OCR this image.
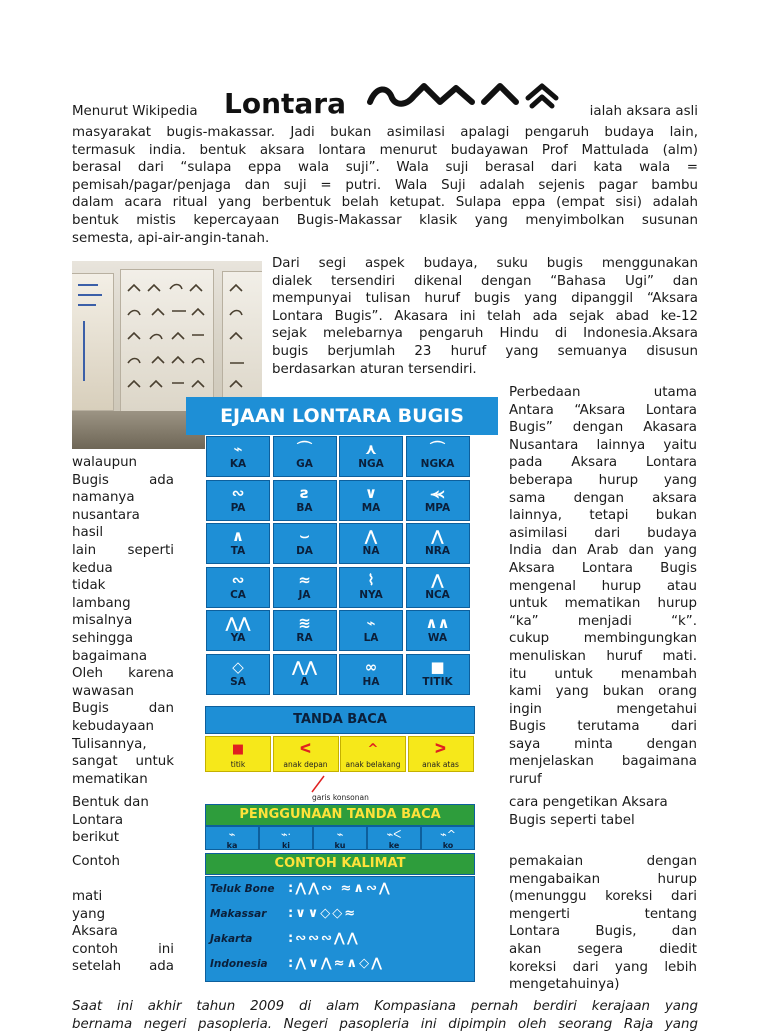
Menurut Wikipedia Lontara	ialah aksara asli
masyarakat bugis-makassar. Jadi bukan asimilasi apalagi pengaruh budaya lain,
termasuk india. bentuk aksara lontara menurut budayawan Prof Mattulada (alm)
berasal dari “sulapa eppa wala suji”. Wala suji berasal dari kata wala =
pemisah/pagar/penjaga dan suji = putri. Wala Suji adalah sejenis pagar bambu
dalam acara ritual yang berbentuk belah ketupat. Sulapa eppa (empat sisi) adalah
bentuk mistis kepercayaan Bugis-Makassar klasik yang menyimbolkan susunan
semesta, api-air-angin-tanah.
Dari segi aspek budaya, suku bugis menggunakan
dialek tersendiri dikenal dengan “Bahasa Ugi” dan
mempunyai tulisan huruf bugis yang dipanggil “Aksara
Lontara Bugis”. Akasara ini telah ada sejak abad ke-12
sejak melebarnya pengaruh Hindu di Indonesia.Aksara
bugis berjumlah 23 huruf yang semuanya disusun
berdasarkan aturan tersendiri.
Perbedaan utama
Antara “Aksara Lontara
Bugis” dengan Akasara
Nusantara lainnya yaitu
pada Aksara Lontara
beberapa hurup yang
sama dengan aksara
lainnya, tetapi bukan
asimilasi dari budaya
India dan Arab dan yang
Aksara Lontara Bugis
mengenal hurup atau
untuk mematikan hurup
“ka” menjadi “k”.
cukup membingungkan
menuliskan huruf mati.
itu untuk menambah
kami yang bukan orang
ingin mengetahui
Bugis terutama dari
saya minta dengan
menjelaskan bagaimana
ruruf
cara pengetikan Aksara
Bugis seperti tabel
pemakaian dengan
mengabaikan hurup
(menunggu koreksi dari
mengerti tentang
Lontara Bugis, dan
akan segera diedit
koreksi dari yang lebih
mengetahuinya)
walaupun
Bugis ada
namanya
nusantara
hasil
lain seperti
kedua
tidak
lambang
misalnya
sehingga
bagaimana
Oleh karena
wawasan
Bugis dan
kebudayaan
Tulisannya,
sangat untuk
mematikan
Bentuk dan
Lontara
berikut
Contoh
mati
yang
Aksara
contoh ini
setelah ada
EJAAN LONTARA BUGIS
⌁
KA
⌒
GA
⋏
NGA
⌒
NGKA
∾
PA
ƨ
BA
∨
MA
⪻
MPA
∧
TA
⌣
DA
⋀
NA
⋀
NRA
∾
CA
≈
JA
⌇
NYA
⋀
NCA
⋀⋀
YA
≋
RA
⌁
LA
∧∧
WA
◇
SA
⋀⋀
A
∞
HA
■
TITIK
TANDA BACA
■
titik
ᐸ
anak depan
^
anak belakang
ᐳ
anak atas
garis konsonan
PENGGUNAAN TANDA BACA
⌁
ka
⌁·
ki
⌁
ku
⌁ᐸ
ke
⌁^
ko
CONTOH KALIMAT
Teluk Bone :⋀⋀∾ ≈∧∾⋀
Makassar :∨∨◇◇≈
Jakarta	:∾∾∾⋀⋀
Indonesia :⋀∨⋀≈∧◇⋀
Saat ini akhir tahun 2009 di alam Kompasiana pernah berdiri kerajaan yang
bernama negeri pasopleria. Negeri pasopleria ini dipimpin oleh seorang Raja yang
